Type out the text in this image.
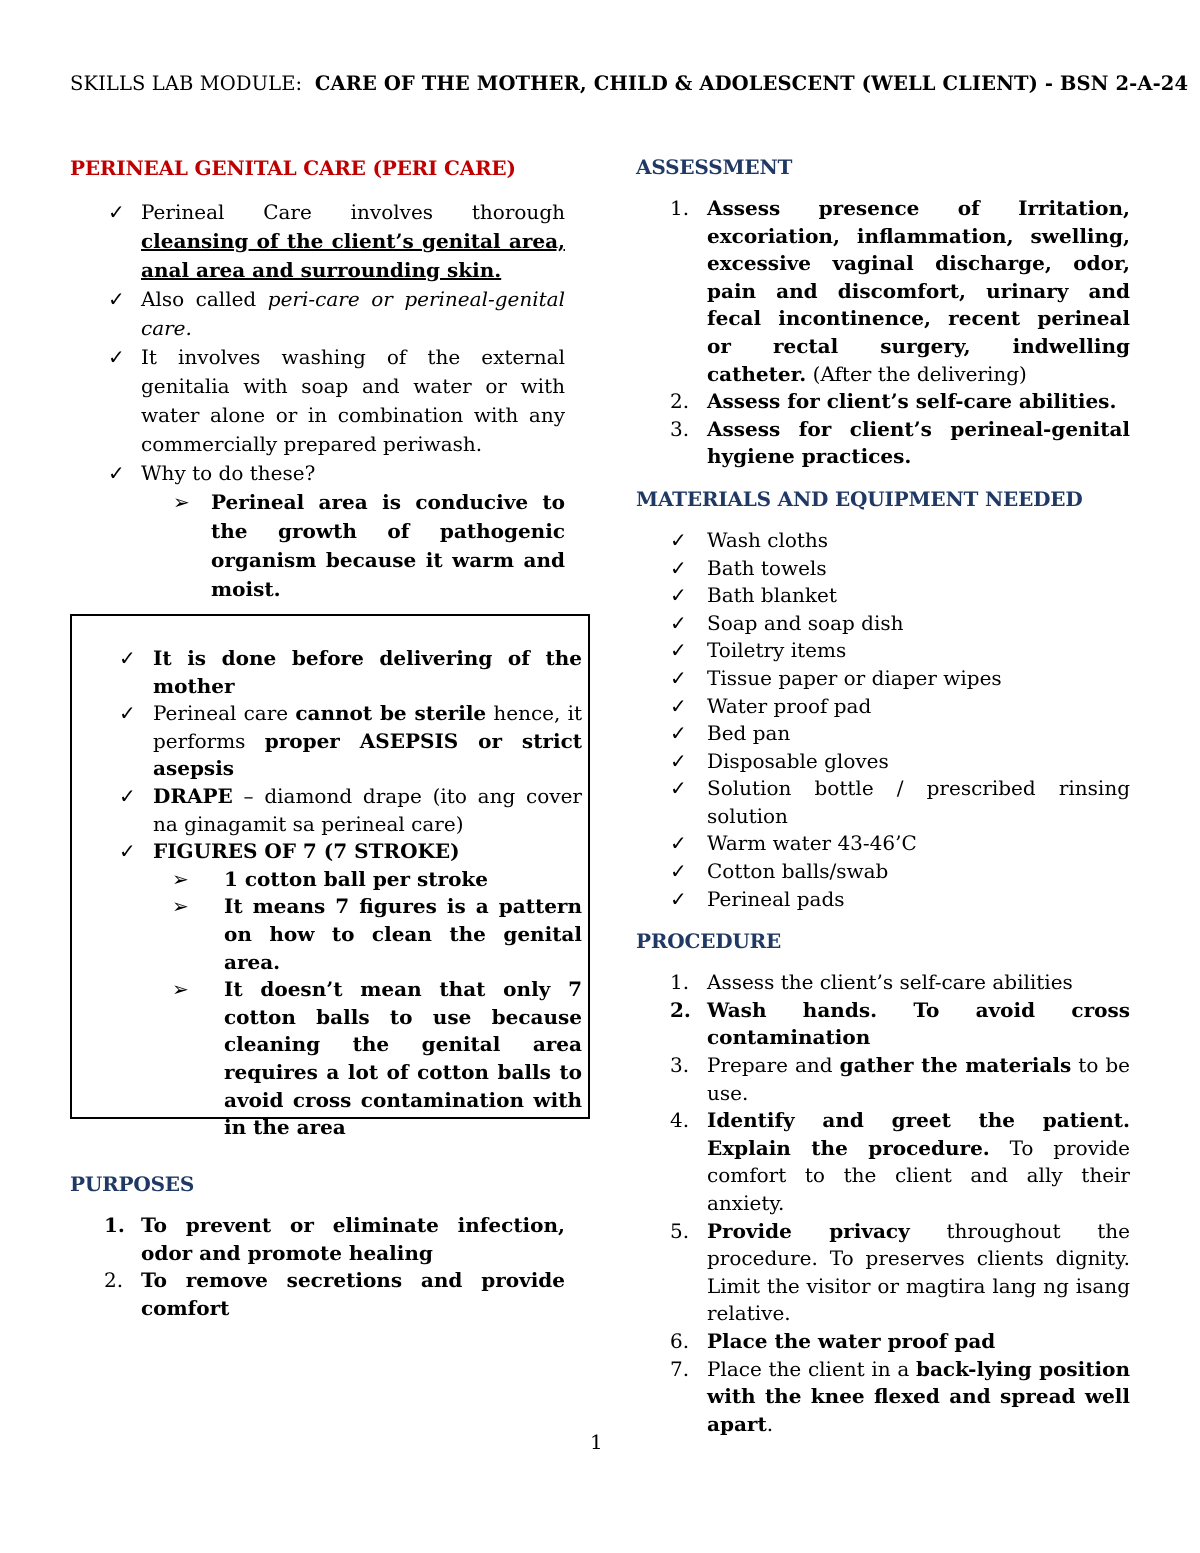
SKILLS LAB MODULE: CARE OF THE MOTHER, CHILD & ADOLESCENT (WELL CLIENT) - BSN 2-A-24
PERINEAL GENITAL CARE (PERI CARE)
✓ Perineal Care involves thorough cleansing of the client’s genital area, anal area and surrounding skin.
✓ Also called peri-care or perineal-genital care.
✓ It involves washing of the external genitalia with soap and water or with water alone or in combination with any commercially prepared periwash.
✓ Why to do these?
➢ Perineal area is conducive to the growth of pathogenic organism because it warm and moist.
✓ It is done before delivering of the mother
✓ Perineal care cannot be sterile hence, it performs proper ASEPSIS or strict asepsis
✓ DRAPE – diamond drape (ito ang cover na ginagamit sa perineal care)
✓ FIGURES OF 7 (7 STROKE)
➢ 1 cotton ball per stroke
➢ It means 7 figures is a pattern on how to clean the genital area.
➢ It doesn’t mean that only 7 cotton balls to use because cleaning the genital area requires a lot of cotton balls to avoid cross contamination with in the area
PURPOSES
1. To prevent or eliminate infection, odor and promote healing
2. To remove secretions and provide comfort
ASSESSMENT
1. Assess presence of Irritation, excoriation, inflammation, swelling, excessive vaginal discharge, odor, pain and discomfort, urinary and fecal incontinence, recent perineal or rectal surgery, indwelling catheter. (After the delivering)
2. Assess for client’s self-care abilities.
3. Assess for client’s perineal-genital hygiene practices.
MATERIALS AND EQUIPMENT NEEDED
✓ Wash cloths
✓ Bath towels
✓ Bath blanket
✓ Soap and soap dish
✓ Toiletry items
✓ Tissue paper or diaper wipes
✓ Water proof pad
✓ Bed pan
✓ Disposable gloves
✓ Solution bottle / prescribed rinsing solution
✓ Warm water 43-46’C
✓ Cotton balls/swab
✓ Perineal pads
PROCEDURE
1. Assess the client’s self-care abilities
2. Wash hands. To avoid cross contamination
3. Prepare and gather the materials to be use.
4. Identify and greet the patient. Explain the procedure. To provide comfort to the client and ally their anxiety.
5. Provide privacy throughout the procedure. To preserves clients dignity. Limit the visitor or magtira lang ng isang relative.
6. Place the water proof pad
7. Place the client in a back-lying position with the knee flexed and spread well apart.
1
